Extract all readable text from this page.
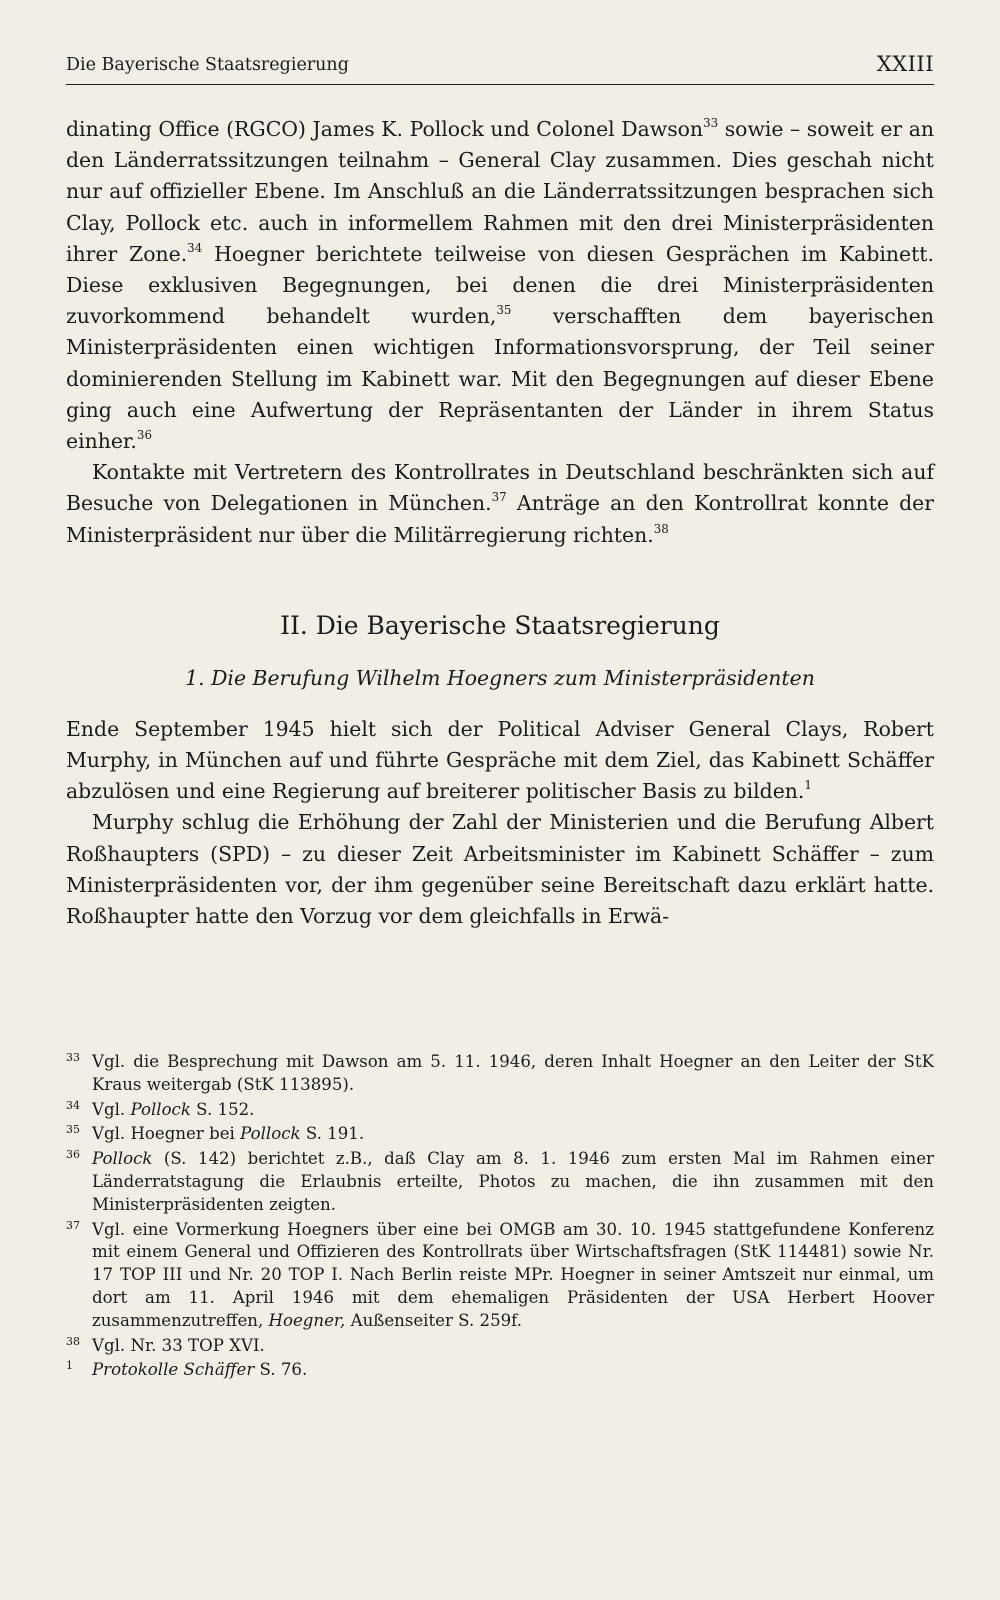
Die Bayerische Staatsregierung	XXIII

dinating Office (RGCO) James K. Pollock und Colonel Dawson$^{33}$ sowie – soweit er an den Länderratssitzungen teilnahm – General Clay zusammen. Dies geschah nicht nur auf offizieller Ebene. Im Anschluß an die Länderratssitzungen besprachen sich Clay, Pollock etc. auch in informellem Rahmen mit den drei Ministerpräsidenten ihrer Zone.$^{34}$ Hoegner berichtete teilweise von diesen Gesprächen im Kabinett. Diese exklusiven Begegnungen, bei denen die drei Ministerpräsidenten zuvorkommend behandelt wurden,$^{35}$ verschafften dem bayerischen Ministerpräsidenten einen wichtigen Informationsvorsprung, der Teil seiner dominierenden Stellung im Kabinett war. Mit den Begegnungen auf dieser Ebene ging auch eine Aufwertung der Repräsentanten der Länder in ihrem Status einher.$^{36}$

Kontakte mit Vertretern des Kontrollrates in Deutschland beschränkten sich auf Besuche von Delegationen in München.$^{37}$ Anträge an den Kontrollrat konnte der Ministerpräsident nur über die Militärregierung richten.$^{38}$

II. Die Bayerische Staatsregierung
1. Die Berufung Wilhelm Hoegners zum Ministerpräsidenten

Ende September 1945 hielt sich der Political Adviser General Clays, Robert Murphy, in München auf und führte Gespräche mit dem Ziel, das Kabinett Schäffer abzulösen und eine Regierung auf breiterer politischer Basis zu bilden.$^1$

Murphy schlug die Erhöhung der Zahl der Ministerien und die Berufung Albert Roßhaupters (SPD) – zu dieser Zeit Arbeitsminister im Kabinett Schäffer – zum Ministerpräsidenten vor, der ihm gegenüber seine Bereitschaft dazu erklärt hatte. Roßhaupter hatte den Vorzug vor dem gleichfalls in Erwä-

33 Vgl. die Besprechung mit Dawson am 5. 11. 1946, deren Inhalt Hoegner an den Leiter der StK Kraus weitergab (StK 113895).
34 Vgl. Pollock S. 152.
35 Vgl. Hoegner bei Pollock S. 191.
36 Pollock (S. 142) berichtet z.B., daß Clay am 8. 1. 1946 zum ersten Mal im Rahmen einer Länderratstagung die Erlaubnis erteilte, Photos zu machen, die ihn zusammen mit den Ministerpräsidenten zeigten.
37 Vgl. eine Vormerkung Hoegners über eine bei OMGB am 30. 10. 1945 stattgefundene Konferenz mit einem General und Offizieren des Kontrollrats über Wirtschaftsfragen (StK 114481) sowie Nr. 17 TOP III und Nr. 20 TOP I. Nach Berlin reiste MPr. Hoegner in seiner Amtszeit nur einmal, um dort am 11. April 1946 mit dem ehemaligen Präsidenten der USA Herbert Hoover zusammenzutreffen, Hoegner, Außenseiter S. 259f.
38 Vgl. Nr. 33 TOP XVI.
1	Protokolle Schäffer S. 76.
